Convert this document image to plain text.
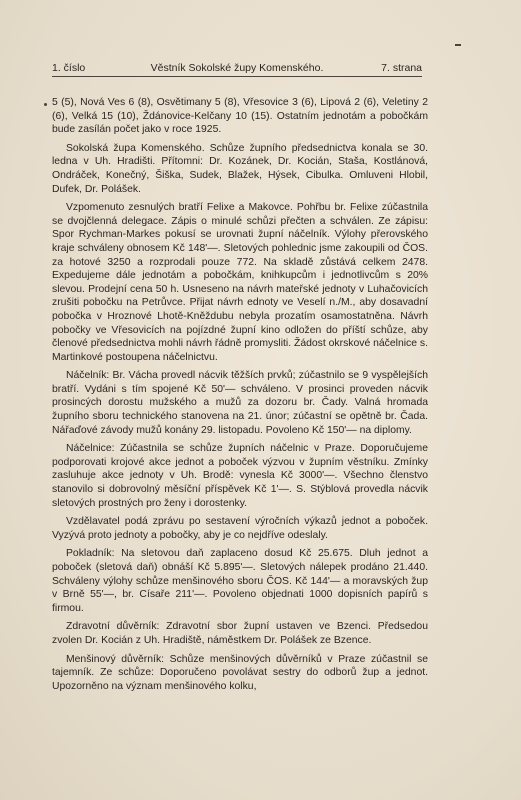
1. číslo	Věstník Sokolské župy Komenského.	7. strana

5 (5), Nová Ves 6 (8), Osvětimany 5 (8), Vřesovice 3 (6), Lipová 2 (6), Veletiny 2 (6), Velká 15 (10), Ždánovice-Kelčany 10 (15). Ostatním jednotám a pobočkám bude zasílán počet jako v roce 1925.

Sokolská župa Komenského. Schůze župního předsednictva konala se 30. ledna v Uh. Hradišti. Přítomni: Dr. Kozánek, Dr. Kocián, Staša, Kostlánová, Ondráček, Konečný, Šiška, Sudek, Blažek, Hýsek, Cibulka. Omluveni Hlobil, Dufek, Dr. Polášek.

Vzpomenuto zesnulých bratří Felixe a Makovce. Pohřbu br. Felixe zúčastnila se dvojčlenná delegace. Zápis o minulé schůzi přečten a schválen. Ze zápisu: Spor Rychman-Markes pokusí se urovnati župní náčelník. Výlohy přerovského kraje schváleny obnosem Kč 148'—. Sletových pohlednic jsme zakoupili od ČOS. za hotové 3250 a rozprodali pouze 772. Na skladě zůstává celkem 2478. Expedujeme dále jednotám a pobočkám, knihkupcům i jednotlivcům s 20% slevou. Prodejní cena 50 h. Usneseno na návrh mateřské jednoty v Luhačovicích zrušiti pobočku na Petrůvce. Přijat návrh ednoty ve Veselí n./M., aby dosavadní pobočka v Hroznové Lhotě-Kněždubu nebyla prozatím osamostatněna. Návrh pobočky ve Vřesovicích na pojízdné župní kino odložen do příští schůze, aby členové předsednictva mohli návrh řádně promysliti. Žádost okrskové náčelnice s. Martinkové postoupena náčelnictvu.

Náčelník: Br. Vácha provedl nácvik těžších prvků; zúčastnilo se 9 vyspělejších bratří. Vydáni s tím spojené Kč 50'— schváleno. V prosinci proveden nácvik prosincých dorostu mužského a mužů za dozoru br. Čady. Valná hromada župního sboru technického stanovena na 21. únor; zúčastní se opětně br. Čada. Nářaďové závody mužů konány 29. listopadu. Povoleno Kč 150'— na diplomy.

Náčelnice: Zúčastnila se schůze župních náčelnic v Praze. Doporučujeme podporovati krojové akce jednot a poboček výzvou v župním věstníku. Zmínky zasluhuje akce jednoty v Uh. Brodě: vynesla Kč 3000'—. Všechno členstvo stanovilo si dobrovolný měsíční příspěvek Kč 1'—. S. Stýblová provedla nácvik sletových prostných pro ženy i dorostenky.

Vzdělavatel podá zprávu po sestavení výročních výkazů jednot a poboček. Vyzývá proto jednoty a pobočky, aby je co nejdříve odeslaly.

Pokladník: Na sletovou daň zaplaceno dosud Kč 25.675. Dluh jednot a poboček (sletová daň) obnáší Kč 5.895'—. Sletových nálepek prodáno 21.440. Schváleny výlohy schůze menšinového sboru ČOS. Kč 144'— a moravských žup v Brně 55'—, br. Císaře 211'—. Povoleno objednati 1000 dopisních papírů s firmou.

Zdravotní důvěrník: Zdravotní sbor župní ustaven ve Bzenci. Předsedou zvolen Dr. Kocián z Uh. Hradiště, náměstkem Dr. Polášek ze Bzence.

Menšinový důvěrník: Schůze menšinových důvěrníků v Praze zúčastnil se tajemník. Ze schůze: Doporučeno povolávat sestry do odborů žup a jednot. Upozorněno na význam menšinového kolku,
